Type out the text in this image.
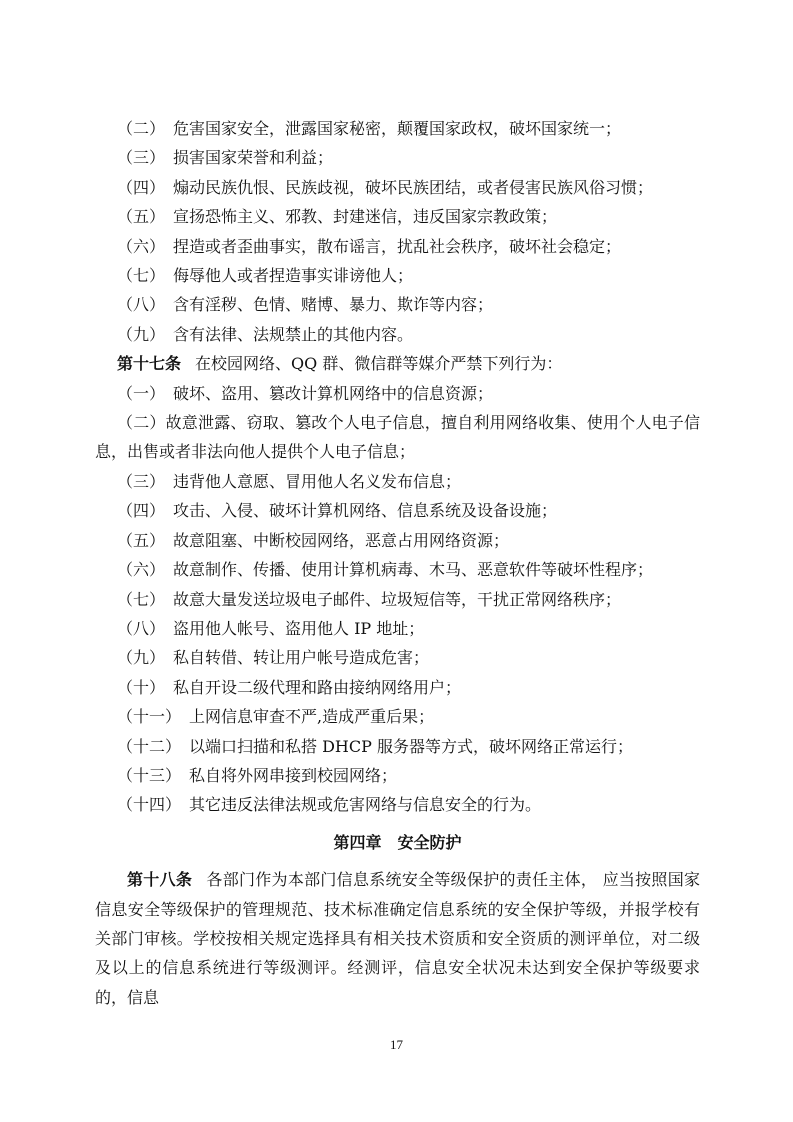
（二） 危害国家安全，泄露国家秘密，颠覆国家政权，破坏国家统一；

（三） 损害国家荣誉和利益；

（四） 煽动民族仇恨、民族歧视，破坏民族团结，或者侵害民族风俗习惯；

（五） 宣扬恐怖主义、邪教、封建迷信，违反国家宗教政策；

（六） 捏造或者歪曲事实，散布谣言，扰乱社会秩序，破坏社会稳定；

（七） 侮辱他人或者捏造事实诽谤他人；

（八） 含有淫秽、色情、赌博、暴力、欺诈等内容；

（九） 含有法律、法规禁止的其他内容。

第十七条 在校园网络、QQ 群、微信群等媒介严禁下列行为：

（一） 破坏、盗用、篡改计算机网络中的信息资源；

（二）故意泄露、窃取、篡改个人电子信息，擅自利用网络收集、使用个人电子信息，出售或者非法向他人提供个人电子信息；

（三） 违背他人意愿、冒用他人名义发布信息；

（四） 攻击、入侵、破坏计算机网络、信息系统及设备设施；

（五） 故意阻塞、中断校园网络，恶意占用网络资源；

（六） 故意制作、传播、使用计算机病毒、木马、恶意软件等破坏性程序；

（七） 故意大量发送垃圾电子邮件、垃圾短信等，干扰正常网络秩序；

（八） 盗用他人帐号、盗用他人 IP 地址；

（九） 私自转借、转让用户帐号造成危害；

（十） 私自开设二级代理和路由接纳网络用户；

（十一） 上网信息审查不严,造成严重后果；

（十二） 以端口扫描和私搭 DHCP 服务器等方式，破坏网络正常运行；

（十三） 私自将外网串接到校园网络；

（十四） 其它违反法律法规或危害网络与信息安全的行为。

第四章　安全防护

第十八条 各部门作为本部门信息系统安全等级保护的责任主体， 应当按照国家信息安全等级保护的管理规范、技术标准确定信息系统的安全保护等级，并报学校有关部门审核。学校按相关规定选择具有相关技术资质和安全资质的测评单位，对二级及以上的信息系统进行等级测评。经测评，信息安全状况未达到安全保护等级要求的，信息

17
